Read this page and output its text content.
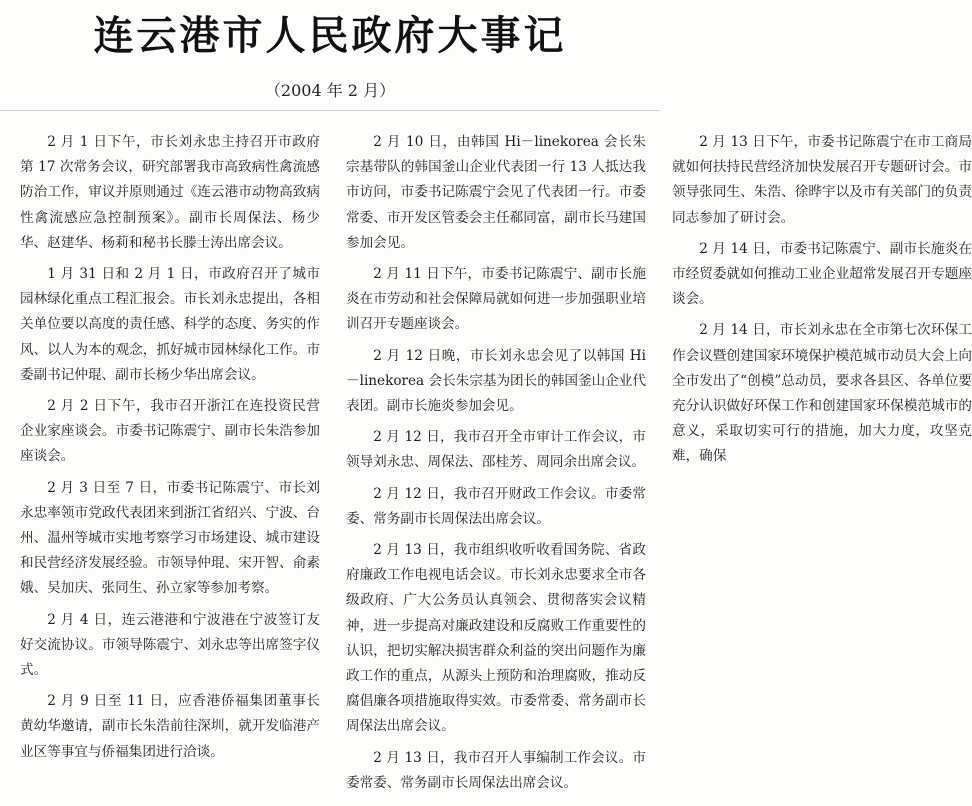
连云港市人民政府大事记
（2004 年 2 月）

2 月 1 日下午，市长刘永忠主持召开市政府第 17 次常务会议，研究部署我市高致病性禽流感防治工作，审议并原则通过《连云港市动物高致病性禽流感应急控制预案》。副市长周保法、杨少华、赵建华、杨莉和秘书长滕士涛出席会议。

1 月 31 日和 2 月 1 日，市政府召开了城市园林绿化重点工程汇报会。市长刘永忠提出，各相关单位要以高度的责任感、科学的态度、务实的作风、以人为本的观念，抓好城市园林绿化工作。市委副书记仲琨、副市长杨少华出席会议。

2 月 2 日下午，我市召开浙江在连投资民营企业家座谈会。市委书记陈震宁、副市长朱浩参加座谈会。

2 月 3 日至 7 日，市委书记陈震宁、市长刘永忠率领市党政代表团来到浙江省绍兴、宁波、台州、温州等城市实地考察学习市场建设、城市建设和民营经济发展经验。市领导仲琨、宋开智、俞素娥、吴加庆、张同生、孙立家等参加考察。

2 月 4 日，连云港港和宁波港在宁波签订友好交流协议。市领导陈震宁、刘永忠等出席签字仪式。

2 月 9 日至 11 日，应香港侨福集团董事长黄幼华邀请，副市长朱浩前往深圳，就开发临港产业区等事宜与侨福集团进行洽谈。

2 月 10 日，由韩国 Hi－linekorea 会长朱宗基带队的韩国釜山企业代表团一行 13 人抵达我市访问，市委书记陈震宁会见了代表团一行。市委常委、市开发区管委会主任郗同富，副市长马建国参加会见。

2 月 11 日下午，市委书记陈震宁、副市长施炎在市劳动和社会保障局就如何进一步加强职业培训召开专题座谈会。

2 月 12 日晚，市长刘永忠会见了以韩国 Hi－linekorea 会长朱宗基为团长的韩国釜山企业代表团。副市长施炎参加会见。

2 月 12 日，我市召开全市审计工作会议，市领导刘永忠、周保法、邵桂芳、周同余出席会议。

2 月 12 日，我市召开财政工作会议。市委常委、常务副市长周保法出席会议。

2 月 13 日，我市组织收听收看国务院、省政府廉政工作电视电话会议。市长刘永忠要求全市各级政府、广大公务员认真领会、贯彻落实会议精神，进一步提高对廉政建设和反腐败工作重要性的认识，把切实解决损害群众利益的突出问题作为廉政工作的重点，从源头上预防和治理腐败，推动反腐倡廉各项措施取得实效。市委常委、常务副市长周保法出席会议。

2 月 13 日，我市召开人事编制工作会议。市委常委、常务副市长周保法出席会议。

2 月 13 日下午，市委书记陈震宁在市工商局就如何扶持民营经济加快发展召开专题研讨会。市领导张同生、朱浩、徐晔宇以及市有关部门的负责同志参加了研讨会。

2 月 14 日，市委书记陈震宁、副市长施炎在市经贸委就如何推动工业企业超常发展召开专题座谈会。

2 月 14 日，市长刘永忠在全市第七次环保工作会议暨创建国家环境保护模范城市动员大会上向全市发出了“创模”总动员，要求各县区、各单位要充分认识做好环保工作和创建国家环保模范城市的意义，采取切实可行的措施，加大力度，攻坚克难，确保
